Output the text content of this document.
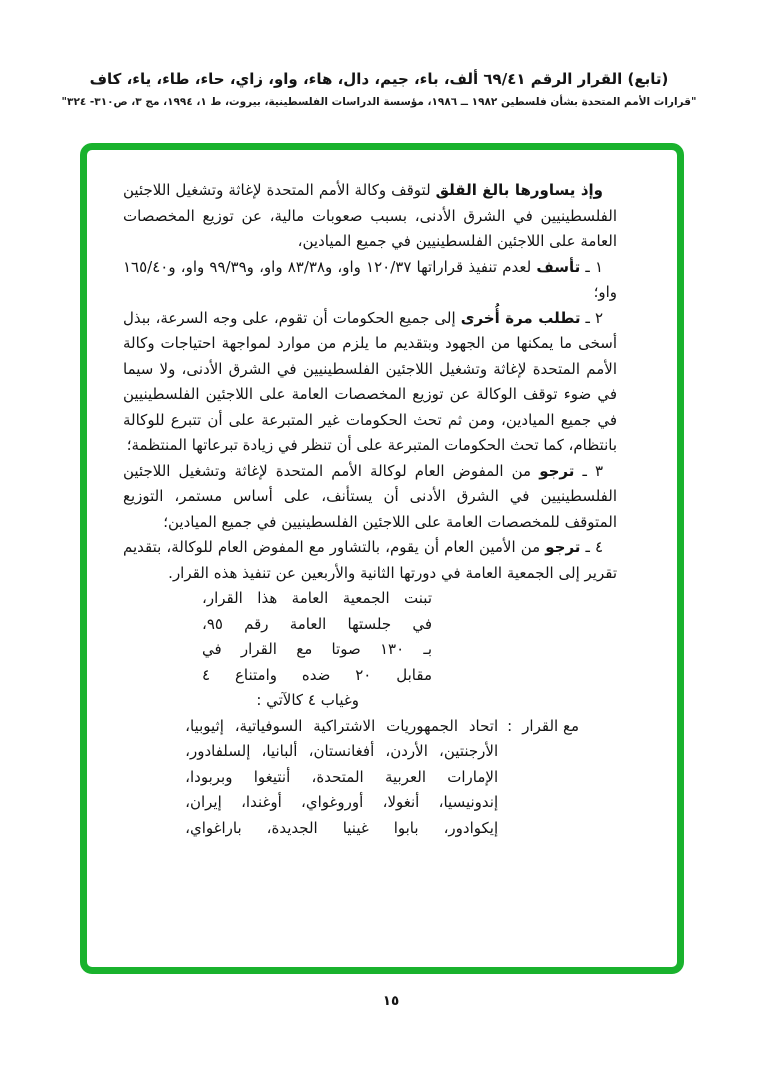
(تابع) القرار الرقم ٦٩/٤١ ألف، باء، جيم، دال، هاء، واو، زاي، حاء، طاء، ياء، كاف
"قرارات الأمم المتحدة بشأن فلسطين ١٩٨٢ ــ ١٩٨٦، مؤسسة الدراسات الفلسطينية، بيروت، ط ١، ١٩٩٤، مج ٣، ص٣١٠- ٣٢٤"

وإذ يساورها بالغ القلق لتوقف وكالة الأمم المتحدة لإغاثة وتشغيل اللاجئين الفلسطينيين في الشرق الأدنى، بسبب صعوبات مالية، عن توزيع المخصصات العامة على اللاجئين الفلسطينيين في جميع الميادين،

١ ـ تأسف لعدم تنفيذ قراراتها ١٢٠/٣٧ واو، و٨٣/٣٨ واو، و٩٩/٣٩ واو، و١٦٥/٤٠ واو؛

٢ ـ تطلب مرة أُخرى إلى جميع الحكومات أن تقوم، على وجه السرعة، ببذل أسخى ما يمكنها من الجهود وبتقديم ما يلزم من موارد لمواجهة احتياجات وكالة الأمم المتحدة لإغاثة وتشغيل اللاجئين الفلسطينيين في الشرق الأدنى، ولا سيما في ضوء توقف الوكالة عن توزيع المخصصات العامة على اللاجئين الفلسطينيين في جميع الميادين، ومن ثم تحث الحكومات غير المتبرعة على أن تتبرع للوكالة بانتظام، كما تحث الحكومات المتبرعة على أن تنظر في زيادة تبرعاتها المنتظمة؛

٣ ـ ترجو من المفوض العام لوكالة الأمم المتحدة لإغاثة وتشغيل اللاجئين الفلسطينيين في الشرق الأدنى أن يستأنف، على أساس مستمر، التوزيع المتوقف للمخصصات العامة على اللاجئين الفلسطينيين في جميع الميادين؛

٤ ـ ترجو من الأمين العام أن يقوم، بالتشاور مع المفوض العام للوكالة، بتقديم تقرير إلى الجمعية العامة في دورتها الثانية والأربعين عن تنفيذ هذه القرار.

تبنت الجمعية العامة هذا القرار،
في جلستها العامة رقم ٩٥،
بـ ١٣٠ صوتا مع القرار في
مقابل ٢٠ ضده وامتناع ٤
وغياب ٤ كالآتي :
مع القرار
:
اتحاد الجمهوريات الاشتراكية السوفياتية، إثيوبيا،
الأرجنتين، الأردن، أفغانستان، ألبانيا، إلسلفادور،
الإمارات العربية المتحدة، أنتيغوا وبربودا،
إندونيسيا، أنغولا، أوروغواي، أوغندا، إيران،
إيكوادور، بابوا غينيا الجديدة، باراغواي،
١٥
